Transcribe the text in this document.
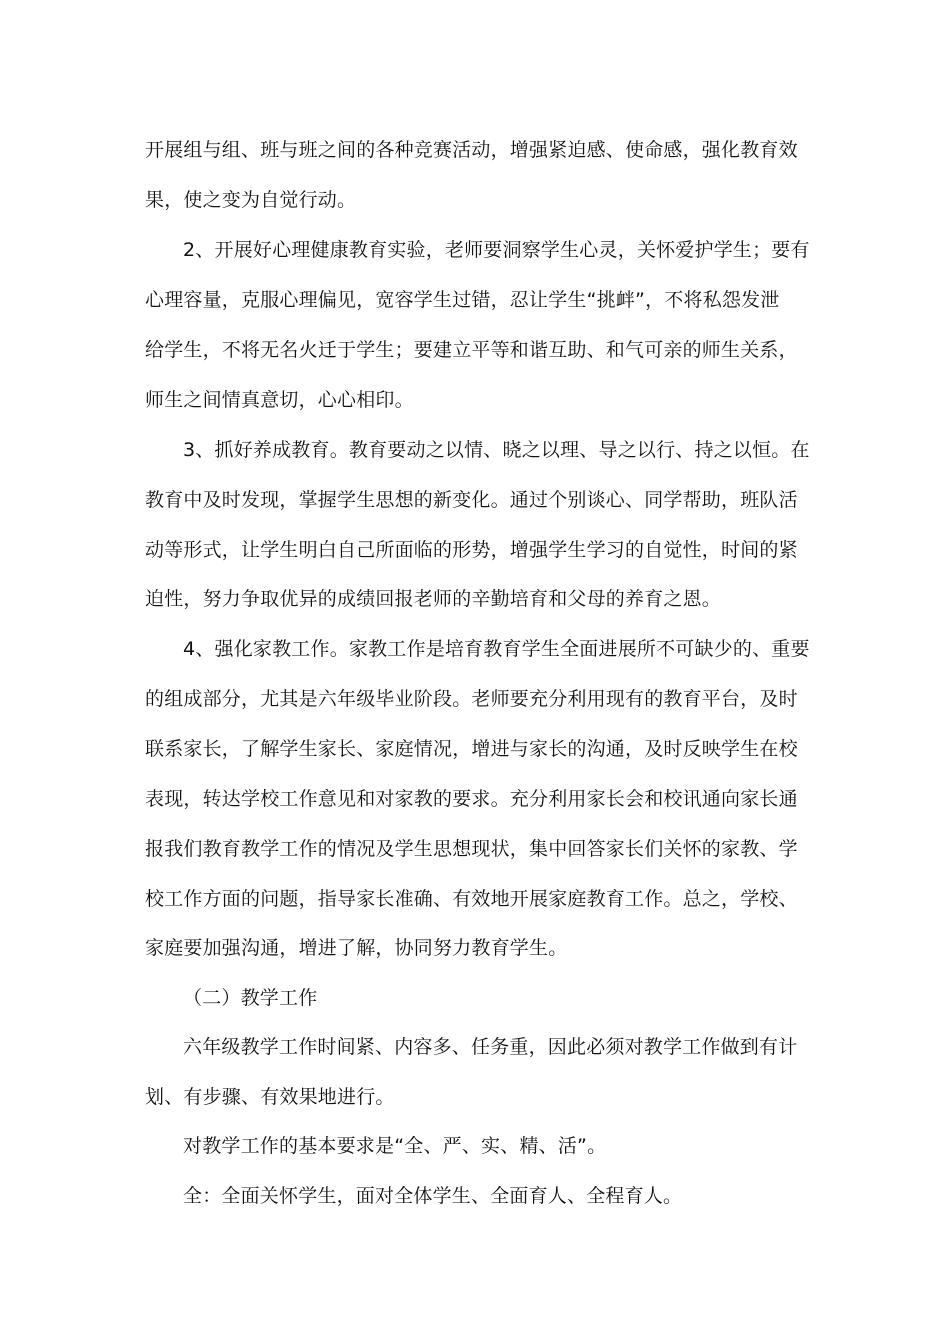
开展组与组、班与班之间的各种竞赛活动，增强紧迫感、使命感，强化教育效
果，使之变为自觉行动。
2、开展好心理健康教育实验，老师要洞察学生心灵，关怀爱护学生；要有
心理容量，克服心理偏见，宽容学生过错，忍让学生“挑衅”，不将私怨发泄
给学生，不将无名火迁于学生；要建立平等和谐互助、和气可亲的师生关系，
师生之间情真意切，心心相印。
3、抓好养成教育。教育要动之以情、晓之以理、导之以行、持之以恒。在
教育中及时发现，掌握学生思想的新变化。通过个别谈心、同学帮助，班队活
动等形式，让学生明白自己所面临的形势，增强学生学习的自觉性，时间的紧
迫性，努力争取优异的成绩回报老师的辛勤培育和父母的养育之恩。
4、强化家教工作。家教工作是培育教育学生全面进展所不可缺少的、重要
的组成部分，尤其是六年级毕业阶段。老师要充分利用现有的教育平台，及时
联系家长，了解学生家长、家庭情况，增进与家长的沟通，及时反映学生在校
表现，转达学校工作意见和对家教的要求。充分利用家长会和校讯通向家长通
报我们教育教学工作的情况及学生思想现状，集中回答家长们关怀的家教、学
校工作方面的问题，指导家长准确、有效地开展家庭教育工作。总之，学校、
家庭要加强沟通，增进了解，协同努力教育学生。
（二）教学工作
六年级教学工作时间紧、内容多、任务重，因此必须对教学工作做到有计
划、有步骤、有效果地进行。
对教学工作的基本要求是“全、严、实、精、活”。
全：全面关怀学生，面对全体学生、全面育人、全程育人。
